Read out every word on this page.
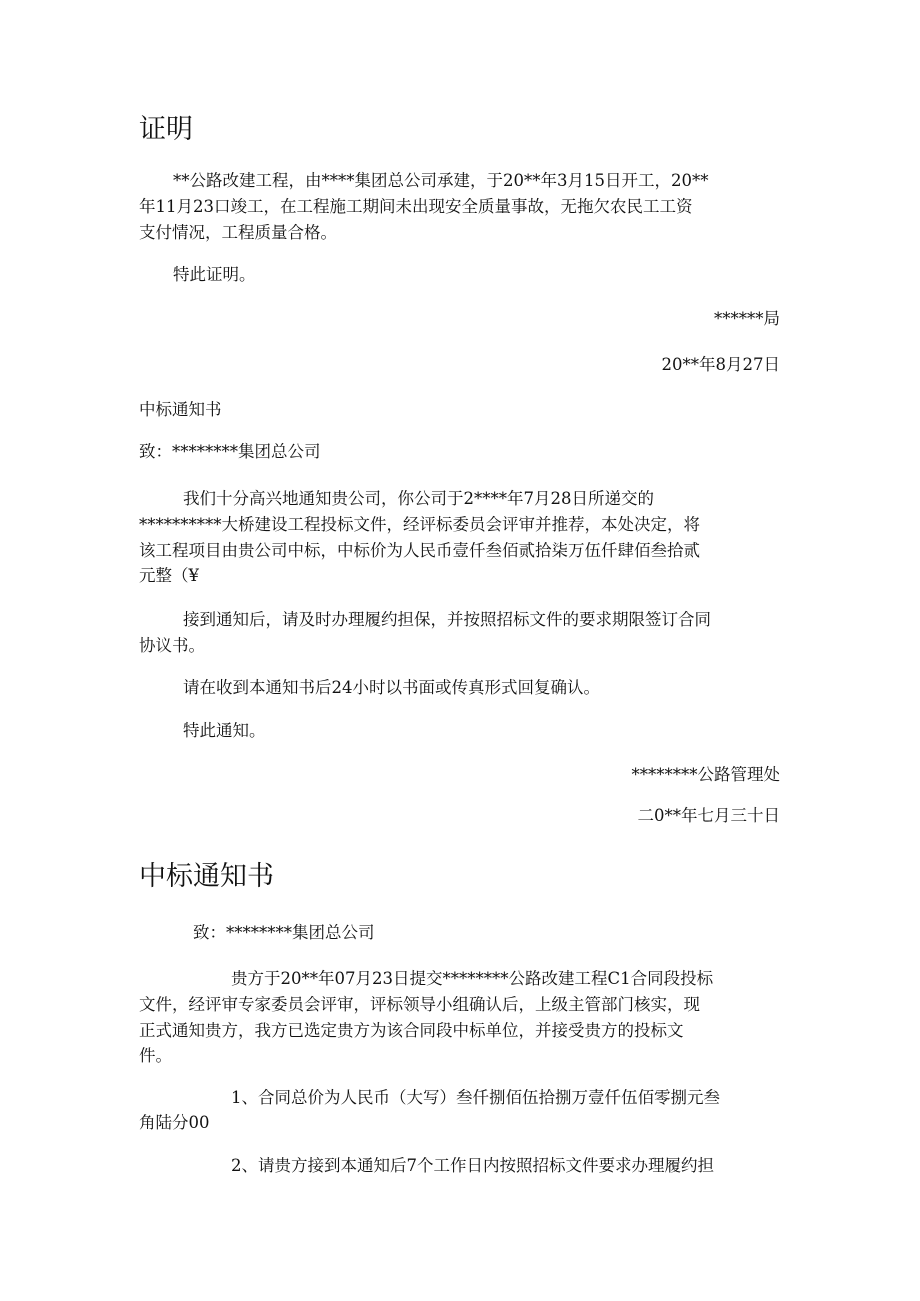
证明
**公路改建工程，由****集团总公司承建，于20**年3月15日开工，20**
年11月23口竣工，在工程施工期间未出现安全质量事故，无拖欠农民工工资
支付情况，工程质量合格。
特此证明。
******局
20**年8月27日
中标通知书
致：********集团总公司
我们十分高兴地通知贵公司，你公司于2****年7月28日所递交的
**********大桥建设工程投标文件，经评标委员会评审并推荐，本处决定，将
该工程项目由贵公司中标，中标价为人民币壹仟叁佰贰拾柒万伍仟肆佰叁拾贰
元整（¥
接到通知后，请及时办理履约担保，并按照招标文件的要求期限签订合同
协议书。
请在收到本通知书后24小时以书面或传真形式回复确认。
特此通知。
********公路管理处
二0**年七月三十日
中标通知书
致：********集团总公司
贵方于20**年07月23日提交********公路改建工程C1合同段投标
文件，经评审专家委员会评审，评标领导小组确认后，上级主管部门核实，现
正式通知贵方，我方已选定贵方为该合同段中标单位，并接受贵方的投标文
件。
1、合同总价为人民币（大写）叁仟捌佰伍拾捌万壹仟伍佰零捌元叁
角陆分00
2、请贵方接到本通知后7个工作日内按照招标文件要求办理履约担
